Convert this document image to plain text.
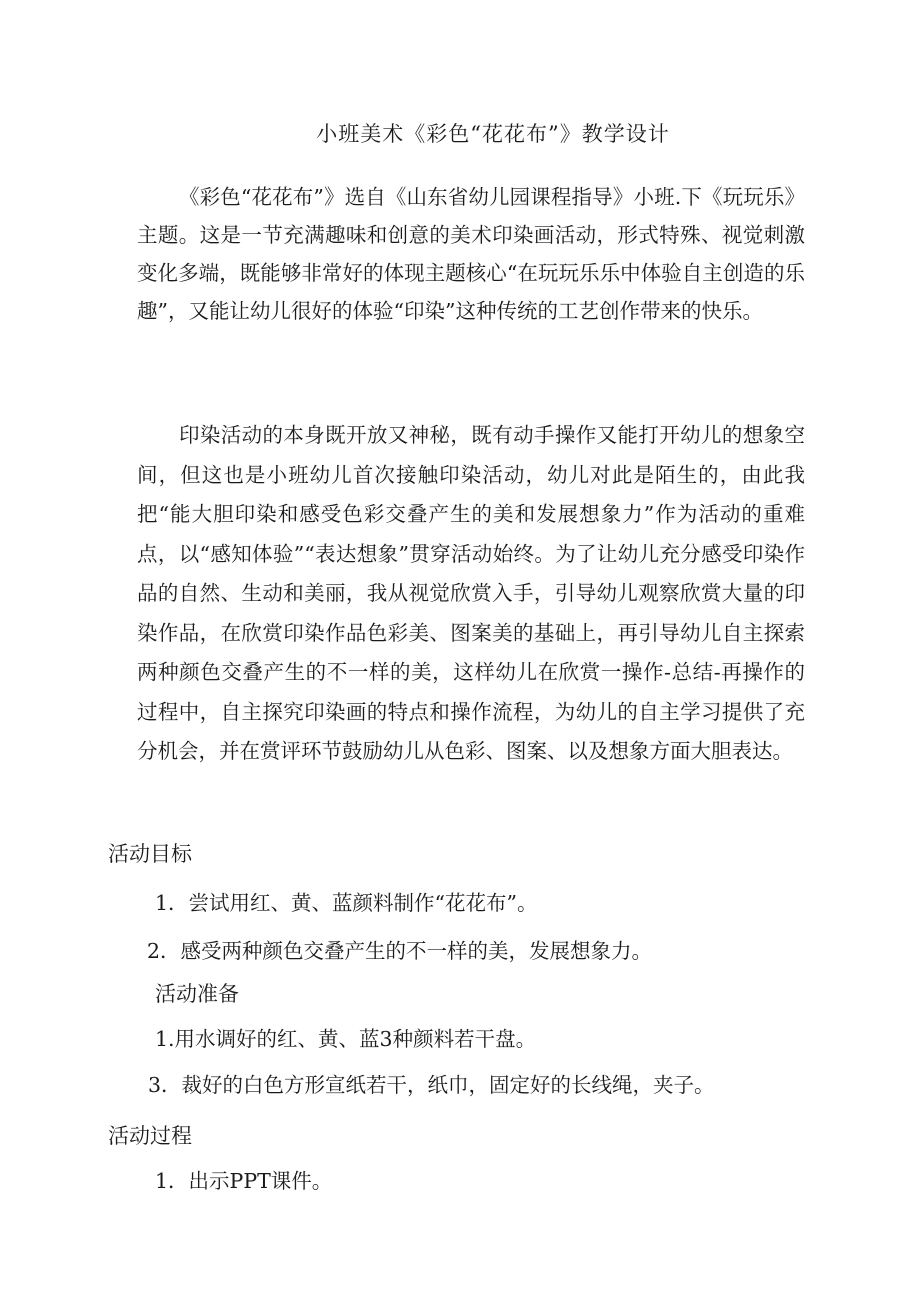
小班美术《彩色“花花布”》教学设计

《彩色“花花布”》选自《山东省幼儿园课程指导》小班.下《玩玩乐》主题。这是一节充满趣味和创意的美术印染画活动，形式特殊、视觉刺激变化多端，既能够非常好的体现主题核心“在玩玩乐乐中体验自主创造的乐趣”，又能让幼儿很好的体验“印染”这种传统的工艺创作带来的快乐。

印染活动的本身既开放又神秘，既有动手操作又能打开幼儿的想象空间，但这也是小班幼儿首次接触印染活动，幼儿对此是陌生的，由此我把“能大胆印染和感受色彩交叠产生的美和发展想象力”作为活动的重难点，以“感知体验”“表达想象”贯穿活动始终。为了让幼儿充分感受印染作品的自然、生动和美丽，我从视觉欣赏入手，引导幼儿观察欣赏大量的印染作品，在欣赏印染作品色彩美、图案美的基础上，再引导幼儿自主探索两种颜色交叠产生的不一样的美，这样幼儿在欣赏一操作-总结-再操作的过程中，自主探究印染画的特点和操作流程，为幼儿的自主学习提供了充分机会，并在赏评环节鼓励幼儿从色彩、图案、以及想象方面大胆表达。

活动目标
1．尝试用红、黄、蓝颜料制作“花花布”。
2．感受两种颜色交叠产生的不一样的美，发展想象力。
活动准备
1.用水调好的红、黄、蓝3种颜料若干盘。
3．裁好的白色方形宣纸若干，纸巾，固定好的长线绳，夹子。
活动过程
1．出示PPT课件。
